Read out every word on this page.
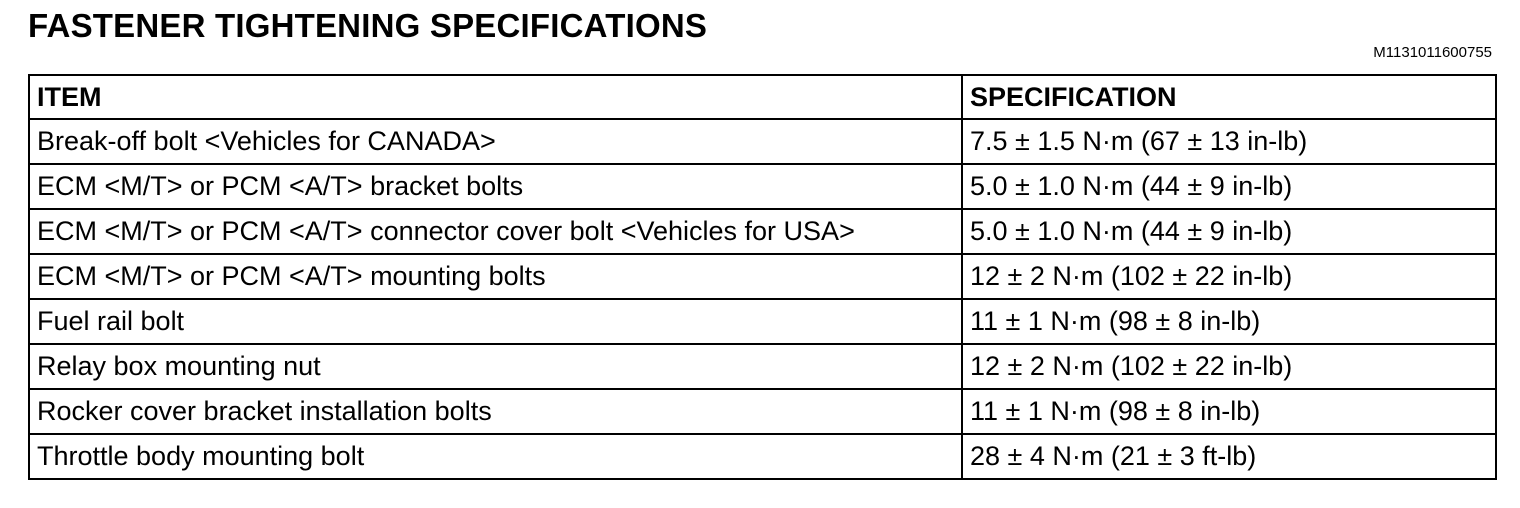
FASTENER TIGHTENING SPECIFICATIONS
M1131011600755
ITEM	SPECIFICATION
Break-off bolt <Vehicles for CANADA>	7.5 ± 1.5 N·m (67 ± 13 in-lb)
ECM <M/T> or PCM <A/T> bracket bolts	5.0 ± 1.0 N·m (44 ± 9 in-lb)
ECM <M/T> or PCM <A/T> connector cover bolt <Vehicles for USA>	5.0 ± 1.0 N·m (44 ± 9 in-lb)
ECM <M/T> or PCM <A/T> mounting bolts	12 ± 2 N·m (102 ± 22 in-lb)
Fuel rail bolt	11 ± 1 N·m (98 ± 8 in-lb)
Relay box mounting nut	12 ± 2 N·m (102 ± 22 in-lb)
Rocker cover bracket installation bolts	11 ± 1 N·m (98 ± 8 in-lb)
Throttle body mounting bolt	28 ± 4 N·m (21 ± 3 ft-lb)
